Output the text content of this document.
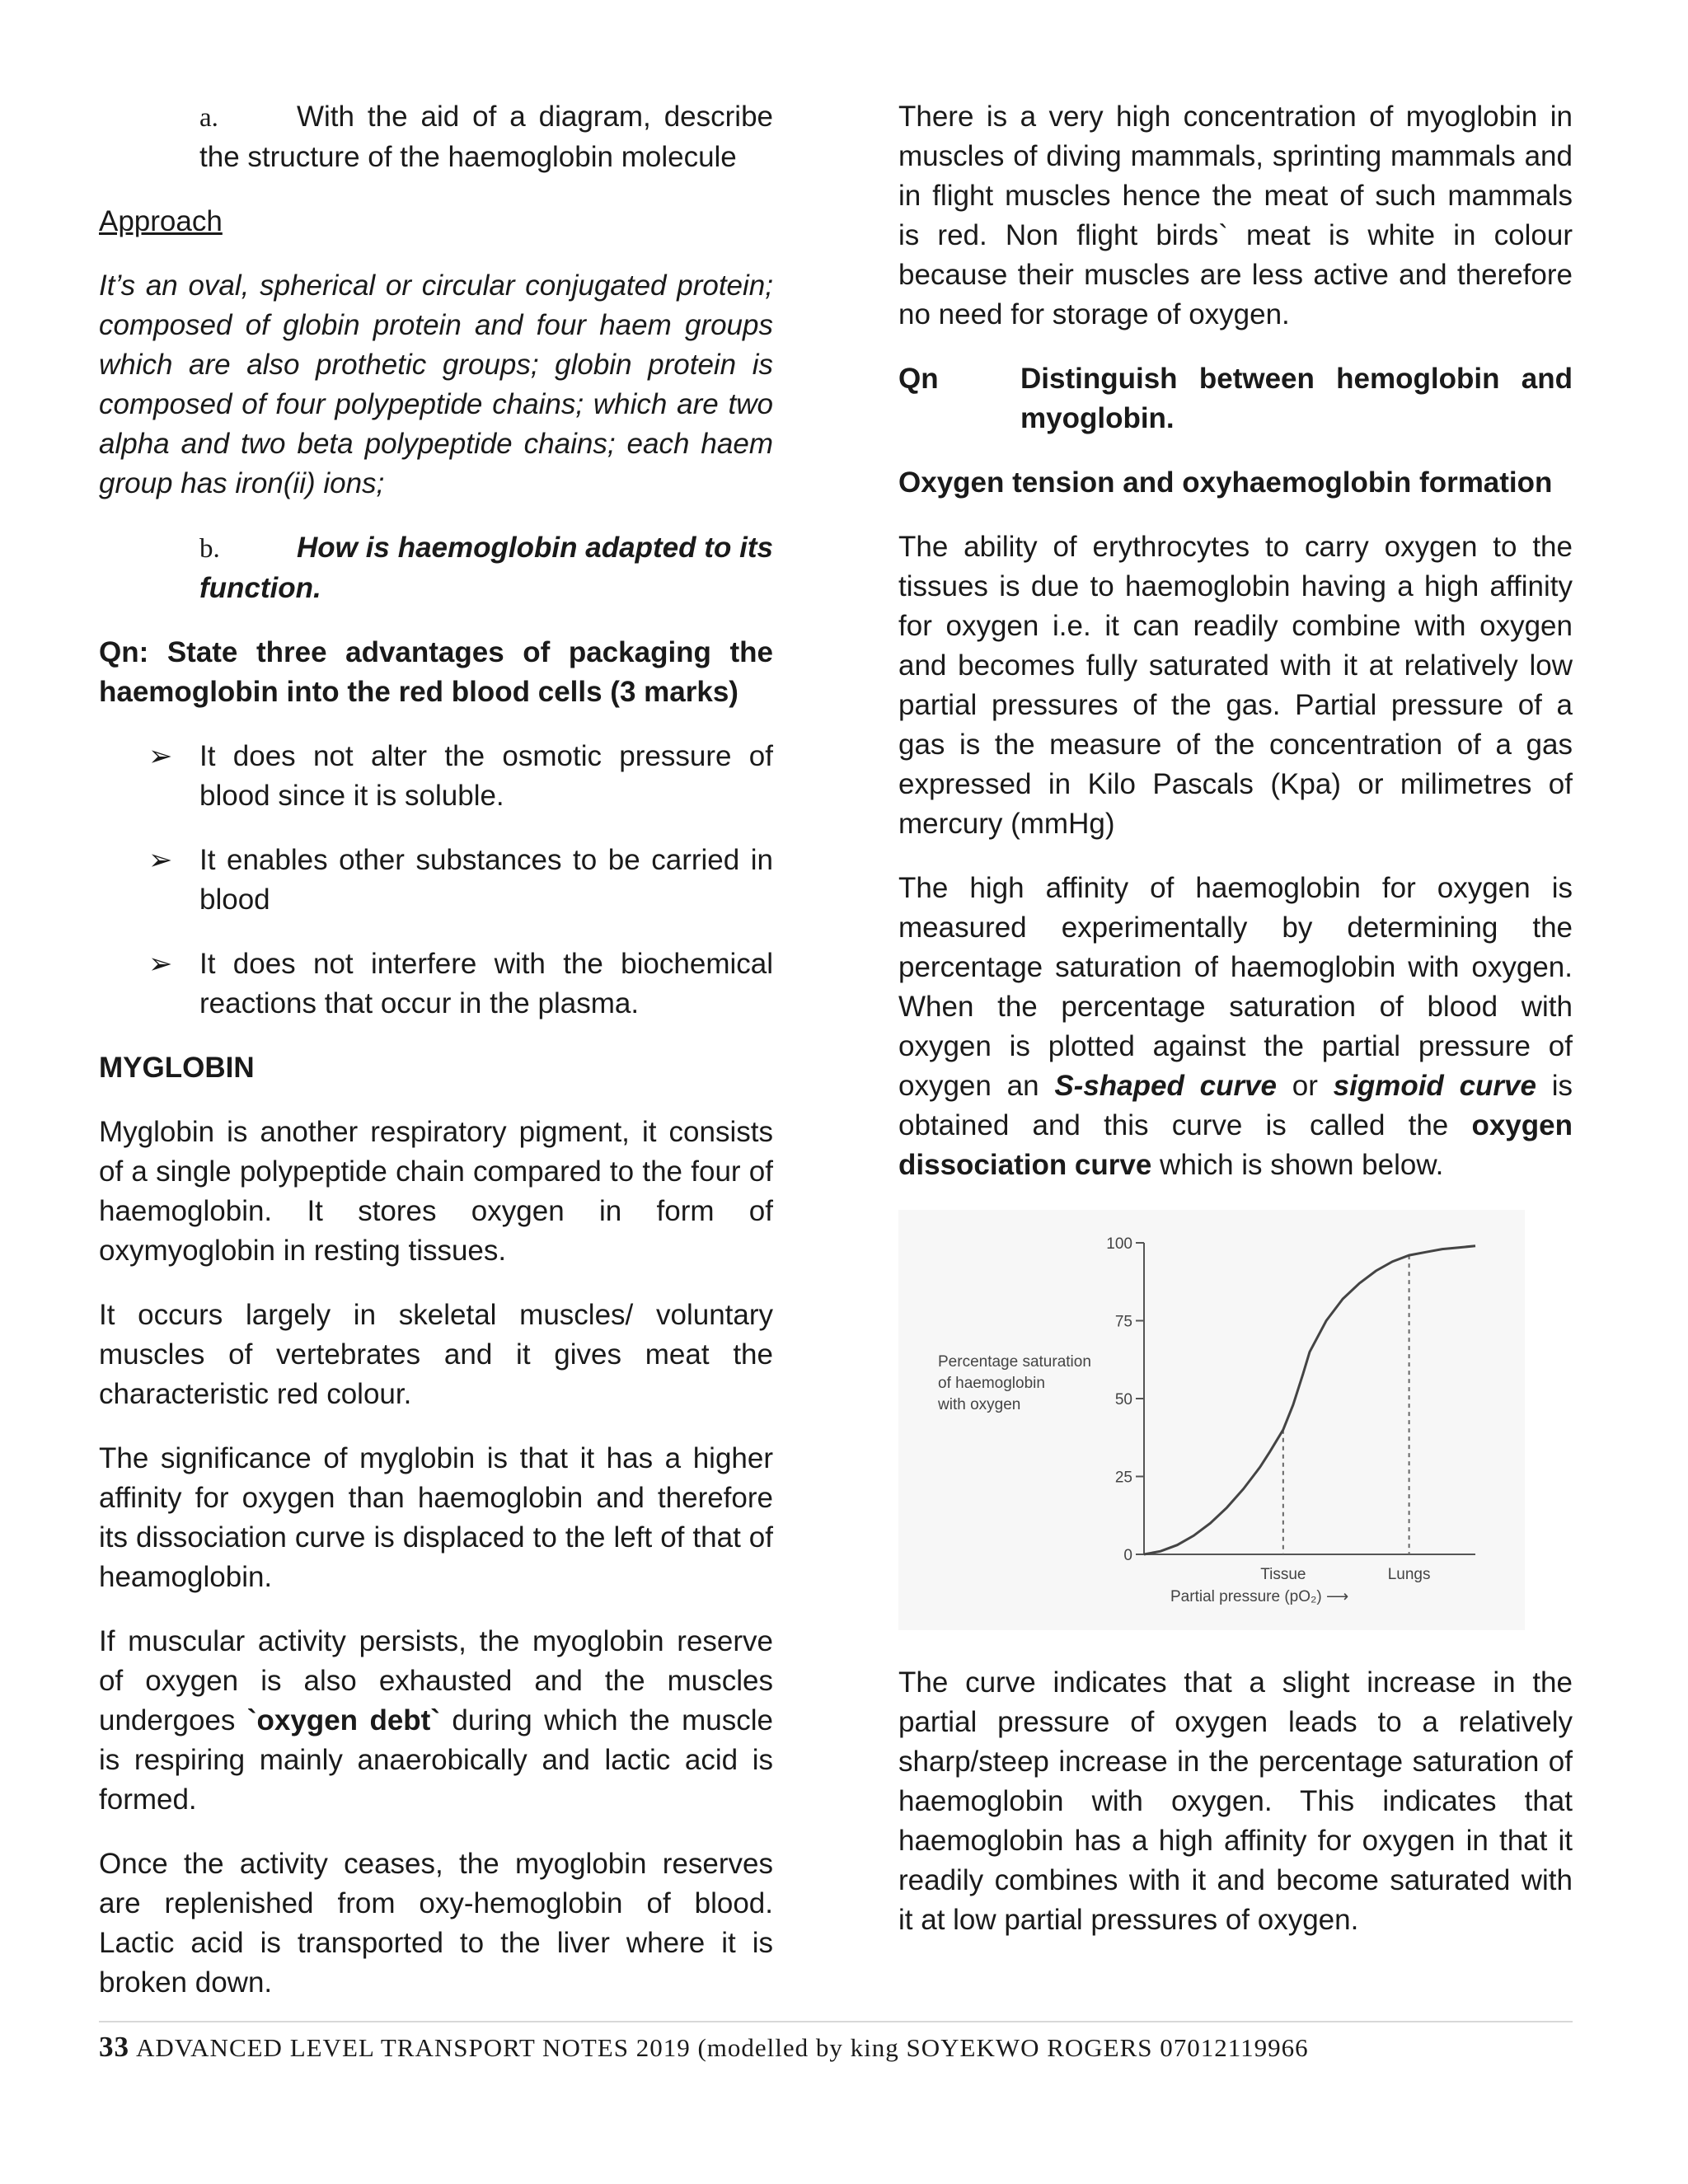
a.	With the aid of a diagram, describe the structure of the haemoglobin molecule

Approach

It’s an oval, spherical or circular conjugated protein; composed of globin protein and four haem groups which are also prothetic groups; globin protein is composed of four polypeptide chains; which are two alpha and two beta polypeptide chains; each haem group has iron(ii) ions;

b.	How is haemoglobin adapted to its function.

Qn: State three advantages of packaging the haemoglobin into the red blood cells (3 marks)

➢ It does not alter the osmotic pressure of blood since it is soluble.
➢ It enables other substances to be carried in blood
➢ It does not interfere with the biochemical reactions that occur in the plasma.

MYGLOBIN

Myglobin is another respiratory pigment, it consists of a single polypeptide chain compared to the four of haemoglobin. It stores oxygen in form of oxymyoglobin in resting tissues.

It occurs largely in skeletal muscles/ voluntary muscles of vertebrates and it gives meat the characteristic red colour.

The significance of myglobin is that it has a higher affinity for oxygen than haemoglobin and therefore its dissociation curve is displaced to the left of that of heamoglobin.

If muscular activity persists, the myoglobin reserve of oxygen is also exhausted and the muscles undergoes `oxygen debt` during which the muscle is respiring mainly anaerobically and lactic acid is formed.

Once the activity ceases, the myoglobin reserves are replenished from oxy-hemoglobin of blood. Lactic acid is transported to the liver where it is broken down.

There is a very high concentration of myoglobin in muscles of diving mammals, sprinting mammals and in flight muscles hence the meat of such mammals is red. Non flight birds` meat is white in colour because their muscles are less active and therefore no need for storage of oxygen.

Qn	Distinguish between hemoglobin and myoglobin.

Oxygen tension and oxyhaemoglobin formation

The ability of erythrocytes to carry oxygen to the tissues is due to haemoglobin having a high affinity for oxygen i.e. it can readily combine with oxygen and becomes fully saturated with it at relatively low partial pressures of the gas. Partial pressure of a gas is the measure of the concentration of a gas expressed in Kilo Pascals (Kpa) or milimetres of mercury (mmHg)

The high affinity of haemoglobin for oxygen is measured experimentally by determining the percentage saturation of haemoglobin with oxygen. When the percentage saturation of blood with oxygen is plotted against the partial pressure of oxygen an S-shaped curve or sigmoid curve is obtained and this curve is called the oxygen dissociation curve which is shown below.

Percentage saturation
of haemoglobin
with oxygen
0
25
50
75
100
Tissue	Lungs
Partial pressure (pO₂) ⟶

The curve indicates that a slight increase in the partial pressure of oxygen leads to a relatively sharp/steep increase in the percentage saturation of haemoglobin with oxygen. This indicates that haemoglobin has a high affinity for oxygen in that it readily combines with it and become saturated with it at low partial pressures of oxygen.

33 ADVANCED LEVEL TRANSPORT NOTES 2019 (modelled by king SOYEKWO ROGERS 07012119966
